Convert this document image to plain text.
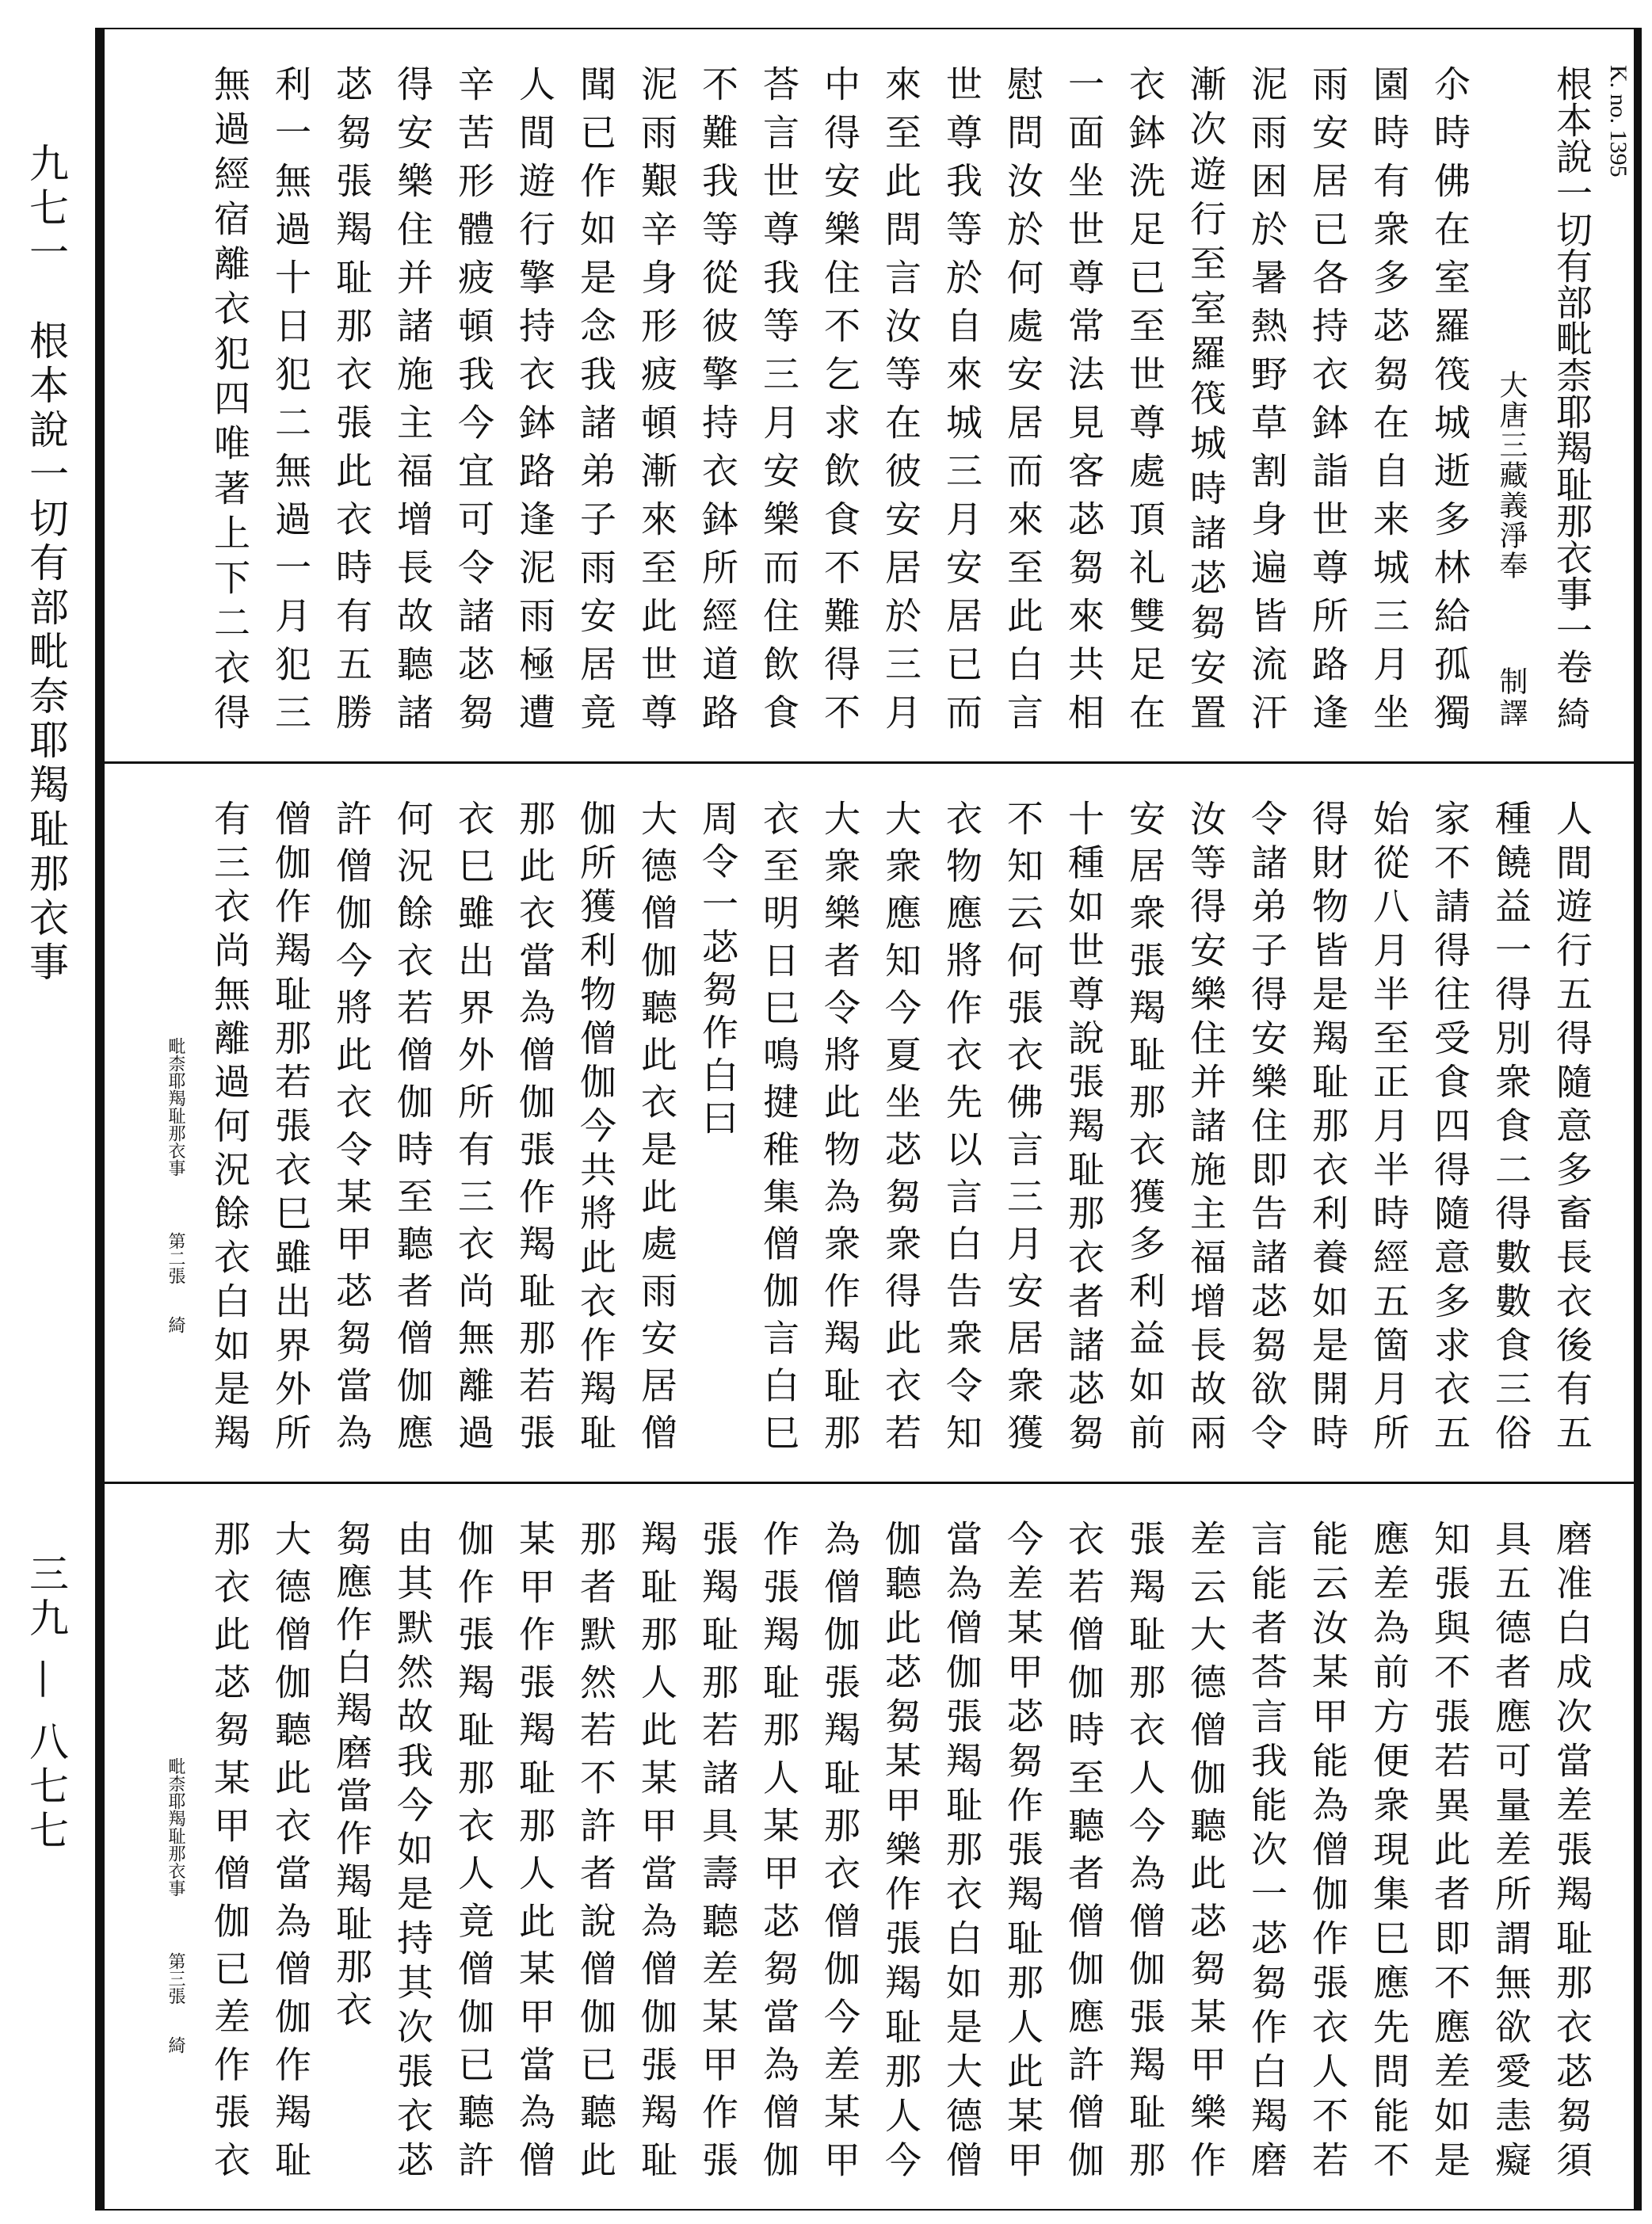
九七一　根本說一切有部毗奈耶羯耻那衣事
三九 — 八七七
K. no. 1395
根本說一切有部毗柰耶羯耻那衣事一卷
綺
大唐三藏義淨奉
制譯
尒時佛在室羅筏城逝多林給孤獨
園時有衆多苾芻在自来城三月坐
雨安居已各持衣鉢詣世尊所路逢
泥雨困於暑熱野草割身遍皆流汗
漸次遊行至室羅筏城時諸苾芻安置
衣鉢洗足已至世尊處頂礼雙足在
一面坐世尊常法見客苾芻來共相
慰問汝於何處安居而來至此白言
世尊我等於自來城三月安居已而
來至此問言汝等在彼安居於三月
中得安樂住不乞求飲食不難得不
荅言世尊我等三月安樂而住飲食
不難我等從彼擎持衣鉢所經道路
泥雨艱辛身形疲頓漸來至此世尊
聞已作如是念我諸弟子雨安居竟
人間遊行擎持衣鉢路逢泥雨極遭
辛苦形體疲頓我今宜可令諸苾芻
得安樂住并諸施主福增長故聽諸
苾芻張羯耻那衣張此衣時有五勝
利一無過十日犯二無過一月犯三
無過經宿離衣犯四唯著上下二衣得
人間遊行五得隨意多畜長衣後有五
種饒益一得別衆食二得數數食三俗
家不請得往受食四得隨意多求衣五
始從八月半至正月半時經五箇月所
得財物皆是羯耻那衣利養如是開時
令諸弟子得安樂住即告諸苾芻欲令
汝等得安樂住并諸施主福增長故兩
安居衆張羯耻那衣獲多利益如前
十種如世尊說張羯耻那衣者諸苾芻
不知云何張衣佛言三月安居衆獲
衣物應將作衣先以言白告衆令知
大衆應知今夏坐苾芻衆得此衣若
大衆樂者令將此物為衆作羯耻那
衣至明日巳鳴揵稚集僧伽言白巳
周令一苾芻作白曰
大德僧伽聽此衣是此處雨安居僧
伽所獲利物僧伽今共將此衣作羯耻
那此衣當為僧伽張作羯耻那若張
衣巳雖出界外所有三衣尚無離過
何況餘衣若僧伽時至聽者僧伽應
許僧伽今將此衣令某甲苾芻當為
僧伽作羯耻那若張衣巳雖出界外所
有三衣尚無離過何況餘衣白如是羯
毗柰耶羯耻那衣事第二張綺
磨准白成次當差張羯耻那衣苾芻須
具五德者應可量差所謂無欲愛恚癡
知張與不張若異此者即不應差如是
應差為前方便衆現集巳應先問能不
能云汝某甲能為僧伽作張衣人不若
言能者荅言我能次一苾芻作白羯磨
差云大德僧伽聽此苾芻某甲樂作
張羯耻那衣人今為僧伽張羯耻那
衣若僧伽時至聽者僧伽應許僧伽
今差某甲苾芻作張羯耻那人此某甲
當為僧伽張羯耻那衣白如是大德僧
伽聽此苾芻某甲樂作張羯耻那人今
為僧伽張羯耻那衣僧伽今差某甲
作張羯耻那人某甲苾芻當為僧伽
張羯耻那若諸具壽聽差某甲作張
羯耻那人此某甲當為僧伽張羯耻
那者默然若不許者說僧伽已聽此
某甲作張羯耻那人此某甲當為僧
伽作張羯耻那衣人竟僧伽已聽許
由其默然故我今如是持其次張衣苾
芻應作白羯磨當作羯耻那衣
大德僧伽聽此衣當為僧伽作羯耻
那衣此苾芻某甲僧伽已差作張衣
毗柰耶羯耻那衣事第三張綺
